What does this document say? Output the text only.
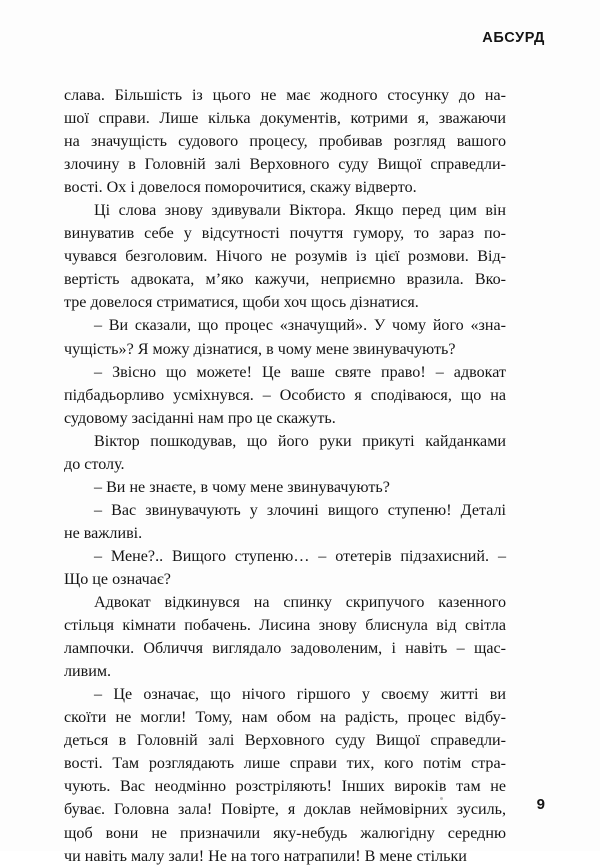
АБСУРД

слава. Більшість із цього не має жодного стосунку до на-
шої справи. Лише кілька документів, котрими я, зважаючи
на значущість судового процесу, пробивав розгляд вашого
злочину в Головній залі Верховного суду Вищої справедли-
вості. Ох і довелося поморочитися, скажу відверто.

Ці слова знову здивували Віктора. Якщо перед цим він
винуватив себе у відсутності почуття гумору, то зараз по-
чувався безголовим. Нічого не розумів із цієї розмови. Від-
вертість адвоката, м’яко кажучи, неприємно вразила. Вко-
тре довелося стриматися, щоби хоч щось дізнатися.

– Ви сказали, що процес «значущий». У чому його «зна-
чущість»? Я можу дізнатися, в чому мене звинувачують?

– Звісно що можете! Це ваше святе право! – адвокат
підбадьорливо усміхнувся. – Особисто я сподіваюся, що на
судовому засіданні нам про це скажуть.

Віктор пошкодував, що його руки прикуті кайданками
до столу.

– Ви не знаєте, в чому мене звинувачують?

– Вас звинувачують у злочині вищого ступеню! Деталі
не важливі.

– Мене?.. Вищого ступеню… – отетерів підзахисний. –
Що це означає?

Адвокат відкинувся на спинку скрипучого казенного
стільця кімнати побачень. Лисина знову блиснула від світла
лампочки. Обличчя виглядало задоволеним, і навіть – щас-
ливим.

– Це означає, що нічого гіршого у своєму житті ви
скоїти не могли! Тому, нам обом на радість, процес відбу-
деться в Головній залі Верховного суду Вищої справедли-
вості. Там розглядають лише справи тих, кого потім стра-
чують. Вас неодмінно розстріляють! Інших вироків там не
буває. Головна зала! Повірте, я доклав неймовірних зусиль,
щоб вони не призначили яку-небудь жалюгідну середню
чи навіть малу зали! Не на того натрапили! В мене стільки

9
